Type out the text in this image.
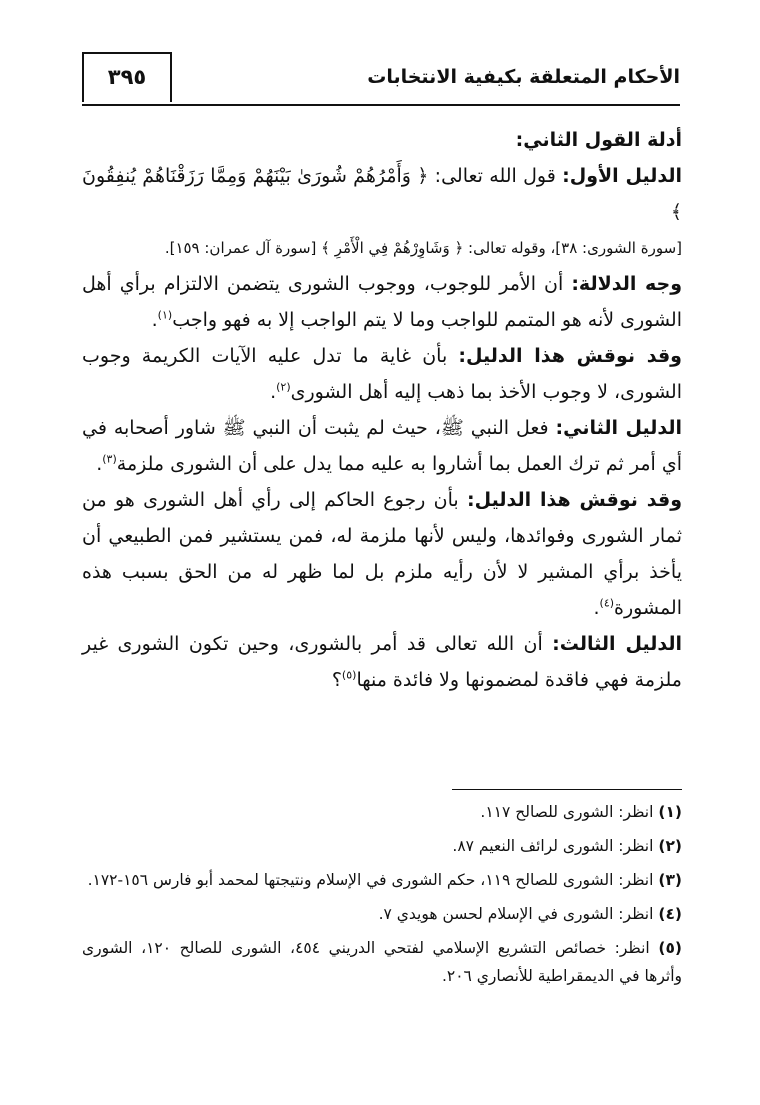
الأحكام المتعلقة بكيفية الانتخابات
٣٩٥

أدلة القول الثاني:

الدليل الأول: قول الله تعالى: ﴿ وَأَمْرُهُمْ شُورَىٰ بَيْنَهُمْ وَمِمَّا رَزَقْنَاهُمْ يُنفِقُونَ ﴾

[سورة الشورى: ٣٨]، وقوله تعالى: ﴿ وَشَاوِرْهُمْ فِي الْأَمْرِ ﴾ [سورة آل عمران: ١٥٩].

وجه الدلالة: أن الأمر للوجوب، ووجوب الشورى يتضمن الالتزام برأي أهل الشورى لأنه هو المتمم للواجب وما لا يتم الواجب إلا به فهو واجب$^{(١)}$.

وقد نوقش هذا الدليل: بأن غاية ما تدل عليه الآيات الكريمة وجوب الشورى، لا وجوب الأخذ بما ذهب إليه أهل الشورى$^{(٢)}$.

الدليل الثاني: فعل النبي ﷺ، حيث لم يثبت أن النبي ﷺ شاور أصحابه في أي أمر ثم ترك العمل بما أشاروا به عليه مما يدل على أن الشورى ملزمة$^{(٣)}$.

وقد نوقش هذا الدليل: بأن رجوع الحاكم إلى رأي أهل الشورى هو من ثمار الشورى وفوائدها، وليس لأنها ملزمة له، فمن يستشير فمن الطبيعي أن يأخذ برأي المشير لا لأن رأيه ملزم بل لما ظهر له من الحق بسبب هذه المشورة$^{(٤)}$.

الدليل الثالث: أن الله تعالى قد أمر بالشورى، وحين تكون الشورى غير ملزمة فهي فاقدة لمضمونها ولا فائدة منها$^{(٥)}$؟

(١) انظر: الشورى للصالح ١١٧.

(٢) انظر: الشورى لرائف النعيم ٨٧.

(٣) انظر: الشورى للصالح ١١٩، حكم الشورى في الإسلام ونتيجتها لمحمد أبو فارس ١٥٦-١٧٢.

(٤) انظر: الشورى في الإسلام لحسن هويدي ٧.

(٥) انظر: خصائص التشريع الإسلامي لفتحي الدريني ٤٥٤، الشورى للصالح ١٢٠، الشورى وأثرها في الديمقراطية للأنصاري ٢٠٦.
